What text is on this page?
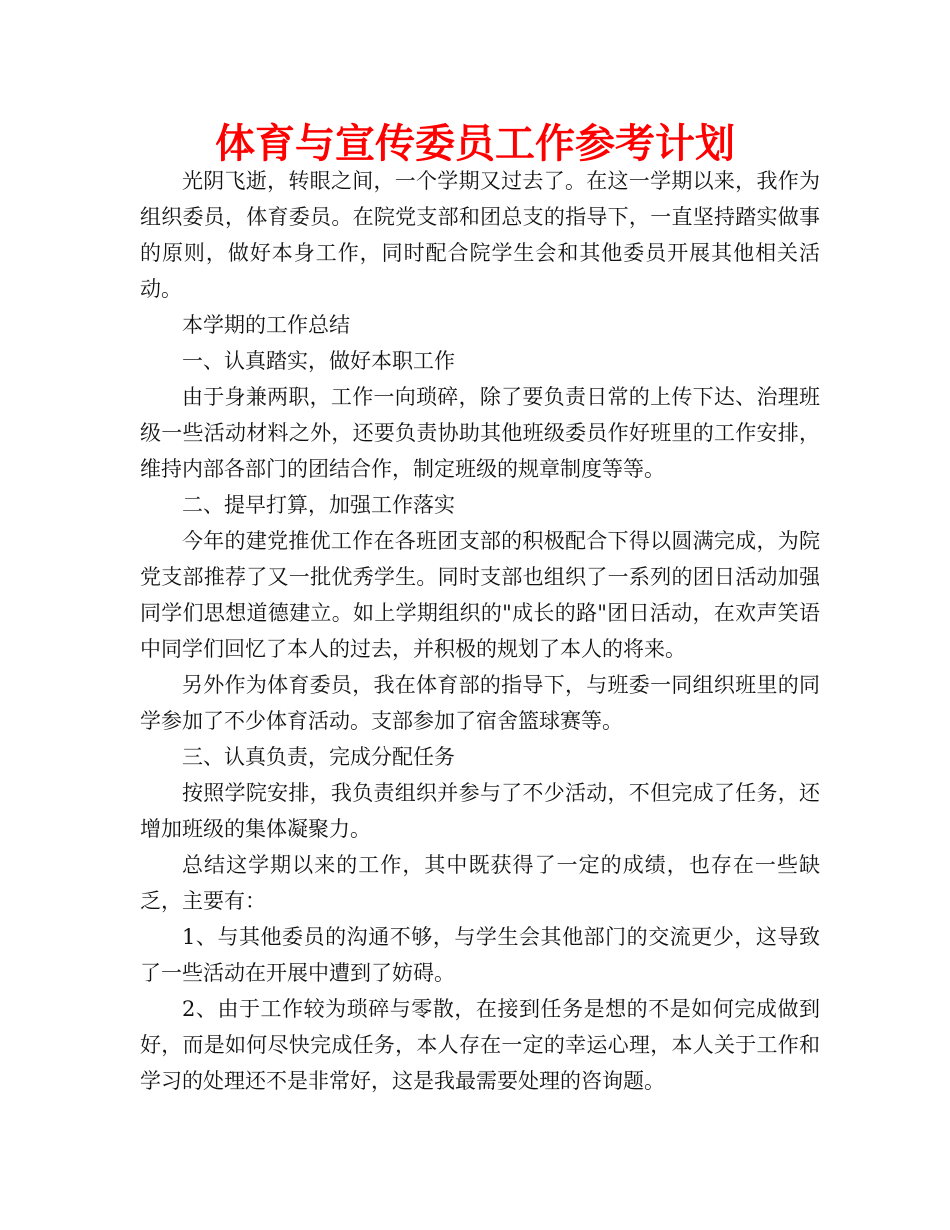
体育与宣传委员工作参考计划

光阴飞逝，转眼之间，一个学期又过去了。在这一学期以来，我作为组织委员，体育委员。在院党支部和团总支的指导下，一直坚持踏实做事的原则，做好本身工作，同时配合院学生会和其他委员开展其他相关活动。

本学期的工作总结

一、认真踏实，做好本职工作

由于身兼两职，工作一向琐碎，除了要负责日常的上传下达、治理班级一些活动材料之外，还要负责协助其他班级委员作好班里的工作安排，维持内部各部门的团结合作，制定班级的规章制度等等。

二、提早打算，加强工作落实

今年的建党推优工作在各班团支部的积极配合下得以圆满完成，为院党支部推荐了又一批优秀学生。同时支部也组织了一系列的团日活动加强同学们思想道德建立。如上学期组织的"成长的路"团日活动，在欢声笑语中同学们回忆了本人的过去，并积极的规划了本人的将来。

另外作为体育委员，我在体育部的指导下，与班委一同组织班里的同学参加了不少体育活动。支部参加了宿舍篮球赛等。

三、认真负责，完成分配任务

按照学院安排，我负责组织并参与了不少活动，不但完成了任务，还增加班级的集体凝聚力。

总结这学期以来的工作，其中既获得了一定的成绩，也存在一些缺乏，主要有：

1、与其他委员的沟通不够，与学生会其他部门的交流更少，这导致了一些活动在开展中遭到了妨碍。

2、由于工作较为琐碎与零散，在接到任务是想的不是如何完成做到好，而是如何尽快完成任务，本人存在一定的幸运心理，本人关于工作和学习的处理还不是非常好，这是我最需要处理的咨询题。
